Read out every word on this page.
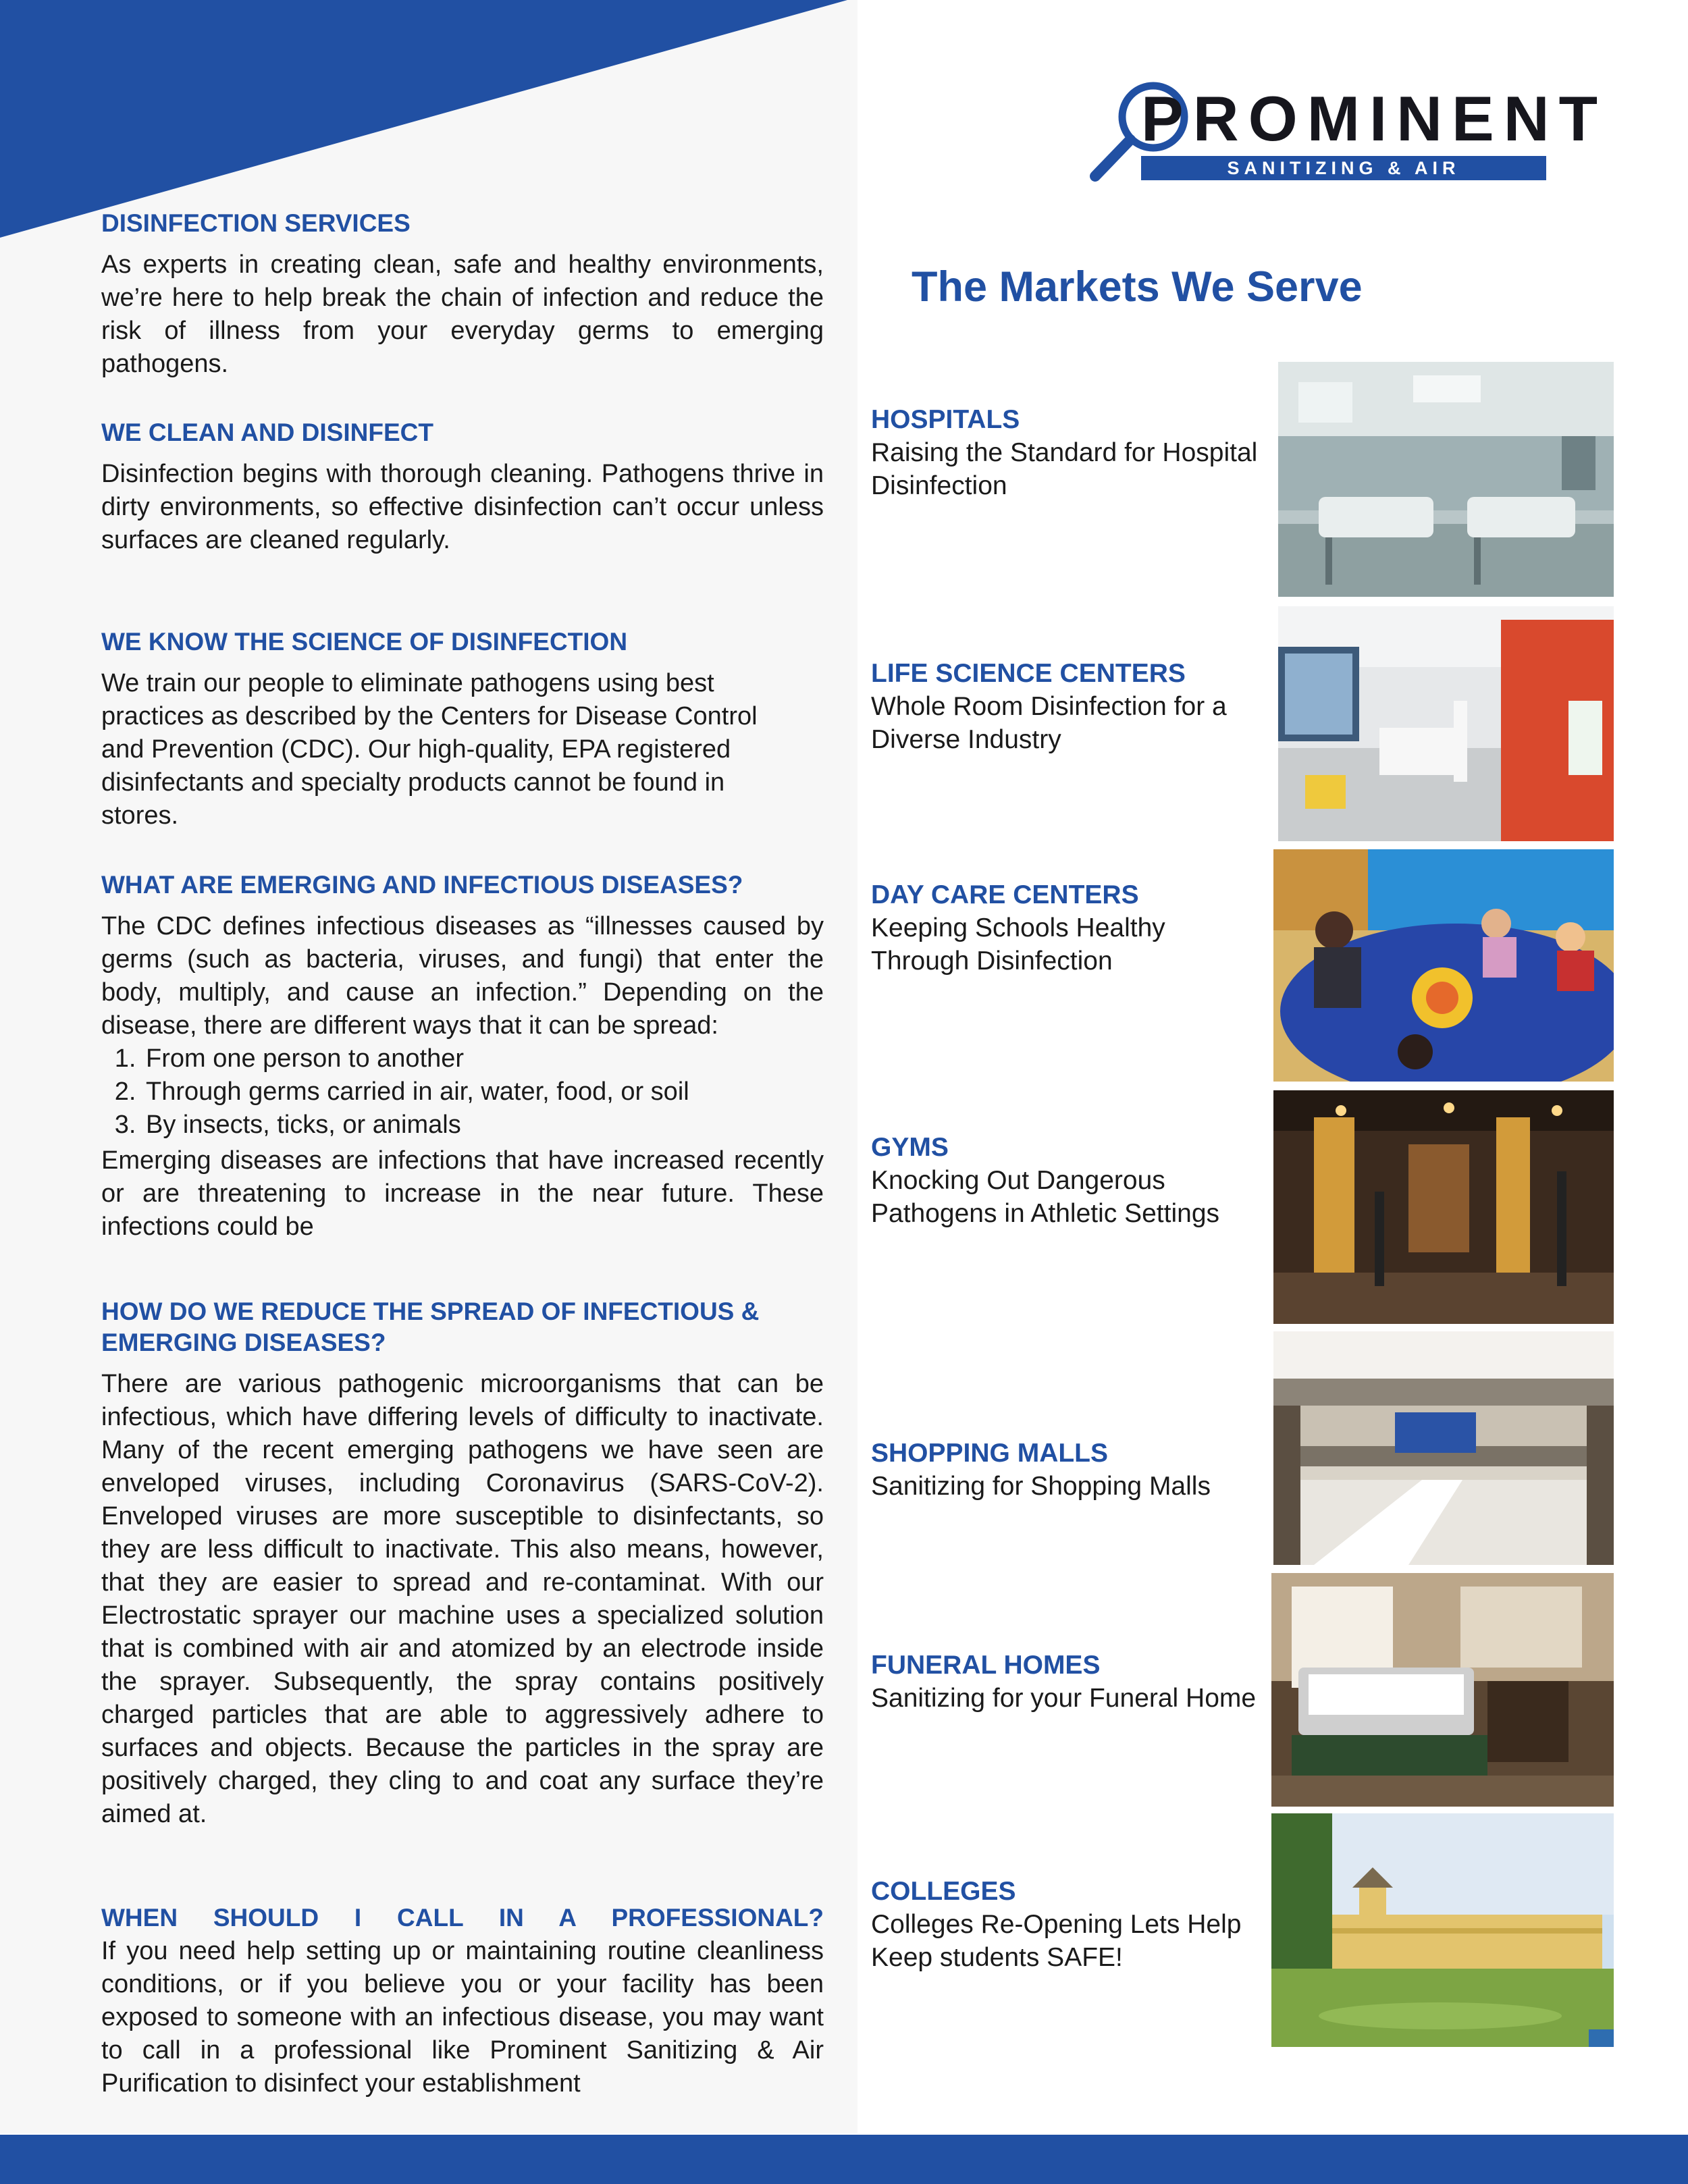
PROMINENT
SANITIZING & AIR PURIFICATION
DISINFECTION SERVICES

As experts in creating clean, safe and healthy environments, we’re here to help break the chain of infection and reduce the risk of illness from your everyday germs to emerging pathogens.

WE CLEAN AND DISINFECT

Disinfection begins with thorough cleaning. Pathogens thrive in dirty environments, so effective disinfection can’t occur unless surfaces are cleaned regularly.

WE KNOW THE SCIENCE OF DISINFECTION

We train our people to eliminate pathogens using best practices as described by the Centers for Disease Control and Prevention (CDC). Our high-quality, EPA registered disinfectants and specialty products cannot be found in stores.

WHAT ARE EMERGING AND INFECTIOUS DISEASES?

The CDC defines infectious diseases as “illnesses caused by germs (such as bacteria, viruses, and fungi) that enter the body, multiply, and cause an infection.” Depending on the disease, there are different ways that it can be spread:

1. From one person to another
2. Through germs carried in air, water, food, or soil
3. By insects, ticks, or animals

Emerging diseases are infections that have increased recently or are threatening to increase in the near future. These infections could be

HOW DO WE REDUCE THE SPREAD OF INFECTIOUS & EMERGING DISEASES?

There are various pathogenic microorganisms that can be infectious, which have differing levels of difficulty to inactivate. Many of the recent emerging pathogens we have seen are enveloped viruses, including Coronavirus (SARS-CoV-2). Enveloped viruses are more susceptible to disinfectants, so they are less difficult to inactivate. This also means, however, that they are easier to spread and re-contaminat. With our Electrostatic sprayer our machine uses a specialized solution that is combined with air and atomized by an electrode inside the sprayer. Subsequently, the spray contains positively charged particles that are able to aggressively adhere to surfaces and objects. Because the particles in the spray are positively charged, they cling to and coat any surface they’re aimed at.

WHEN SHOULD I CALL IN A PROFESSIONAL?

If you need help setting up or maintaining routine cleanliness conditions, or if you believe you or your facility has been exposed to someone with an infectious disease, you may want to call in a professional like Prominent Sanitizing & Air Purification to disinfect your establishment

The Markets We Serve
HOSPITALS

Raising the Standard for Hospital Disinfection

LIFE SCIENCE CENTERS

Whole Room Disinfection for a Diverse Industry

DAY CARE CENTERS

Keeping Schools Healthy Through Disinfection

GYMS

Knocking Out Dangerous Pathogens in Athletic Settings

SHOPPING MALLS

Sanitizing for Shopping Malls

FUNERAL HOMES

Sanitizing for your Funeral Home

COLLEGES

Colleges Re-Opening Lets Help Keep students SAFE!
